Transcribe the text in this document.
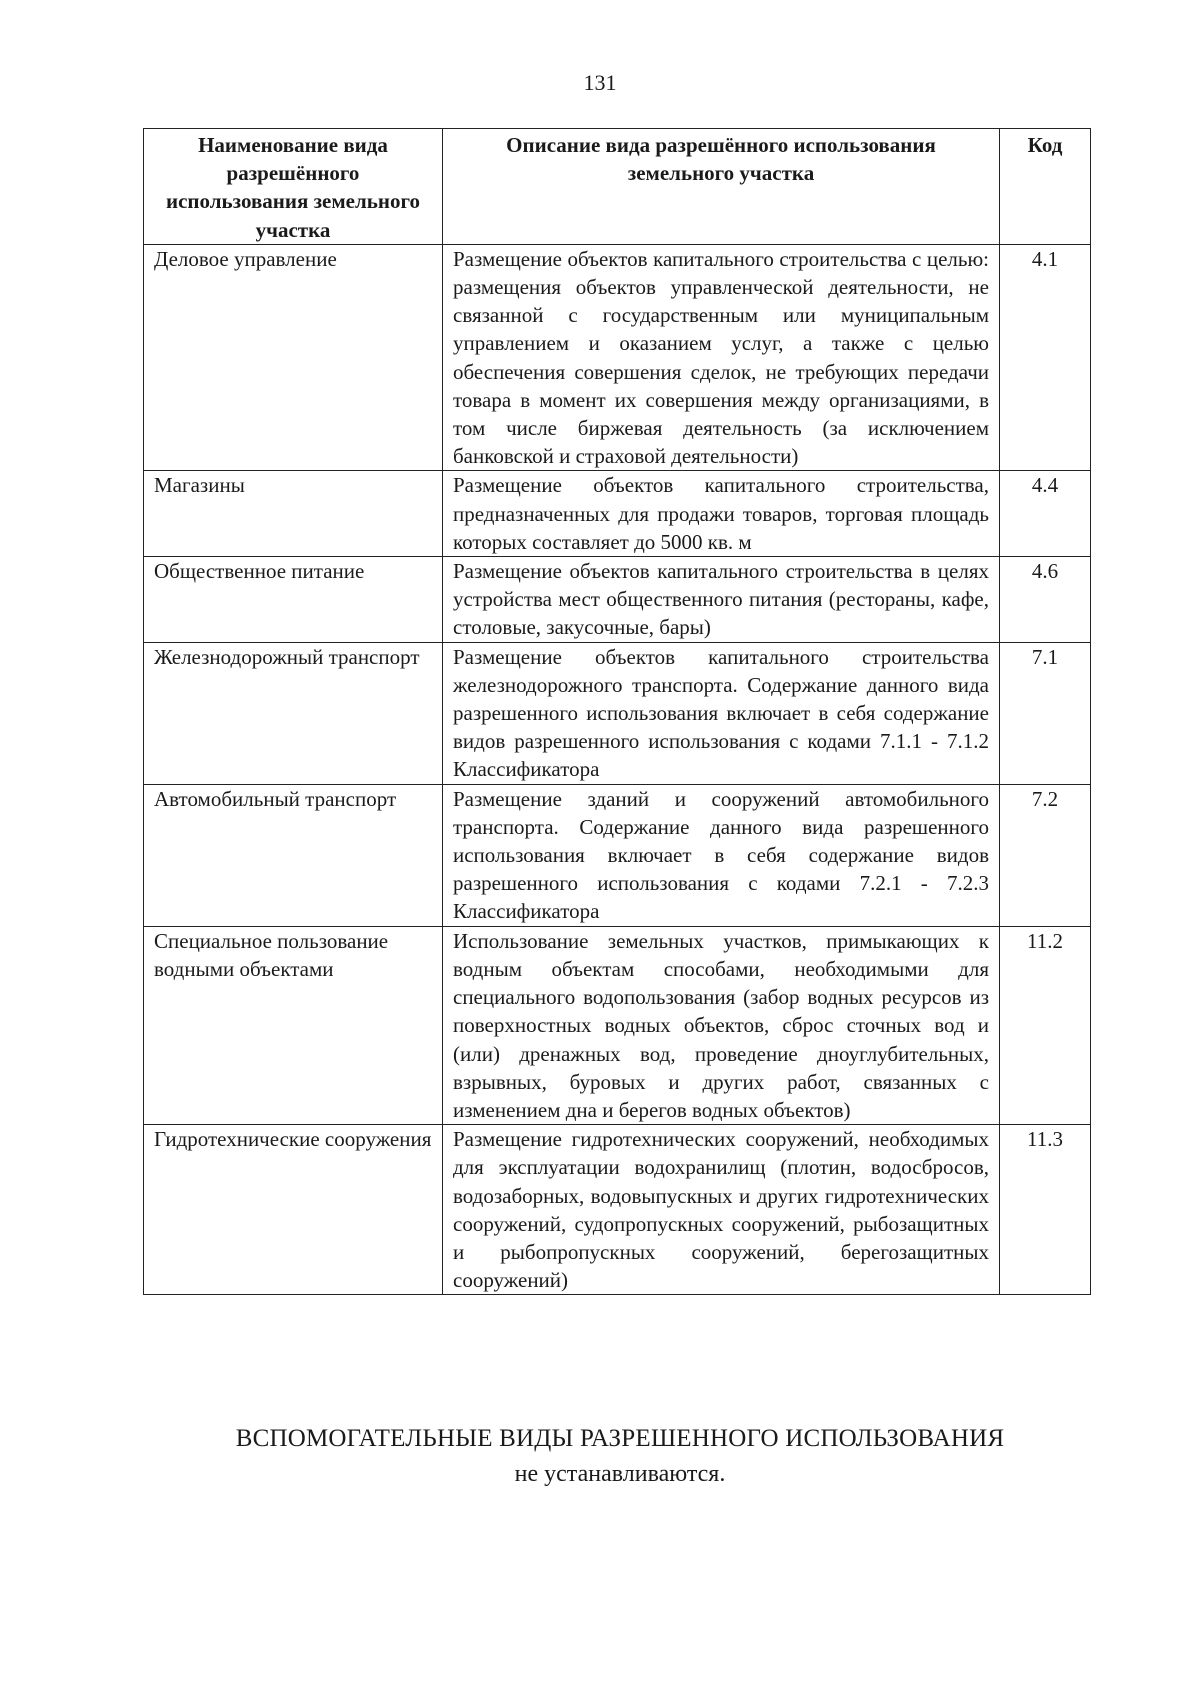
131
Наименование вида разрешённого использования земельного участка	Описание вида разрешённого использования земельного участка	Код
Деловое управление	Размещение объектов капитального строительства с целью: размещения объектов управленческой деятельности, не связанной с государственным или муниципальным управлением и оказанием услуг, а также с целью обеспечения совершения сделок, не требующих передачи товара в момент их совершения между организациями, в том числе биржевая деятельность (за исключением банковской и страховой деятельности)	4.1
Магазины	Размещение объектов капитального строительства, предназначенных для продажи товаров, торговая площадь которых составляет до 5000 кв. м	4.4
Общественное питание	Размещение объектов капитального строительства в целях устройства мест общественного питания (рестораны, кафе, столовые, закусочные, бары)	4.6
Железнодорожный транспорт	Размещение объектов капитального строительства железнодорожного транспорта. Содержание данного вида разрешенного использования включает в себя содержание видов разрешенного использования с кодами 7.1.1 - 7.1.2 Классификатора	7.1
Автомобильный транспорт	Размещение зданий и сооружений автомобильного транспорта. Содержание данного вида разрешенного использования включает в себя содержание видов разрешенного использования с кодами 7.2.1 - 7.2.3 Классификатора	7.2
Специальное пользование водными объектами	Использование земельных участков, примыкающих к водным объектам способами, необходимыми для специального водопользования (забор водных ресурсов из поверхностных водных объектов, сброс сточных вод и (или) дренажных вод, проведение дноуглубительных, взрывных, буровых и других работ, связанных с изменением дна и берегов водных объектов)	11.2
Гидротехнические сооружения	Размещение гидротехнических сооружений, необходимых для эксплуатации водохранилищ (плотин, водосбросов, водозаборных, водовыпускных и других гидротехнических сооружений, судопропускных сооружений, рыбозащитных и рыбопропускных сооружений, берегозащитных сооружений)	11.3
ВСПОМОГАТЕЛЬНЫЕ ВИДЫ РАЗРЕШЕННОГО ИСПОЛЬЗОВАНИЯ
не устанавливаются.
